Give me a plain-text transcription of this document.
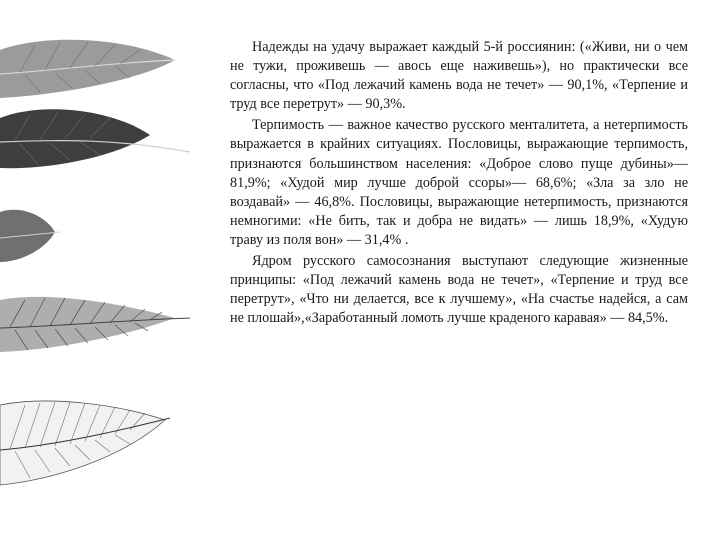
Надежды на удачу выражает каждый 5-й россиянин: («Живи, ни о чем не тужи, проживешь — авось еще наживешь»), но практически все согласны, что «Под лежачий камень вода не течет» — 90,1%, «Терпение и труд все перетрут» — 90,3%.

Терпимость — важное качество русского менталитета, а нетерпимость выражается в крайних ситуациях. Пословицы, выражающие терпимость, признаются большинством населения: «Доброе слово пуще дубины»— 81,9%; «Худой мир лучше доброй ссоры»— 68,6%; «Зла за зло не воздавай» — 46,8%. Пословицы, выражающие нетерпимость, признаются немногими: «Не бить, так и добра не видать» — лишь 18,9%, «Худую траву из поля вон» — 31,4% .

Ядром русского самосознания выступают следующие жизненные принципы: «Под лежачий камень вода не течет», «Терпение и труд все перетрут», «Что ни делается, все к лучшему», «На счастье надейся, а сам не плошай»,«Заработанный ломоть лучше краденого каравая» — 84,5%.
